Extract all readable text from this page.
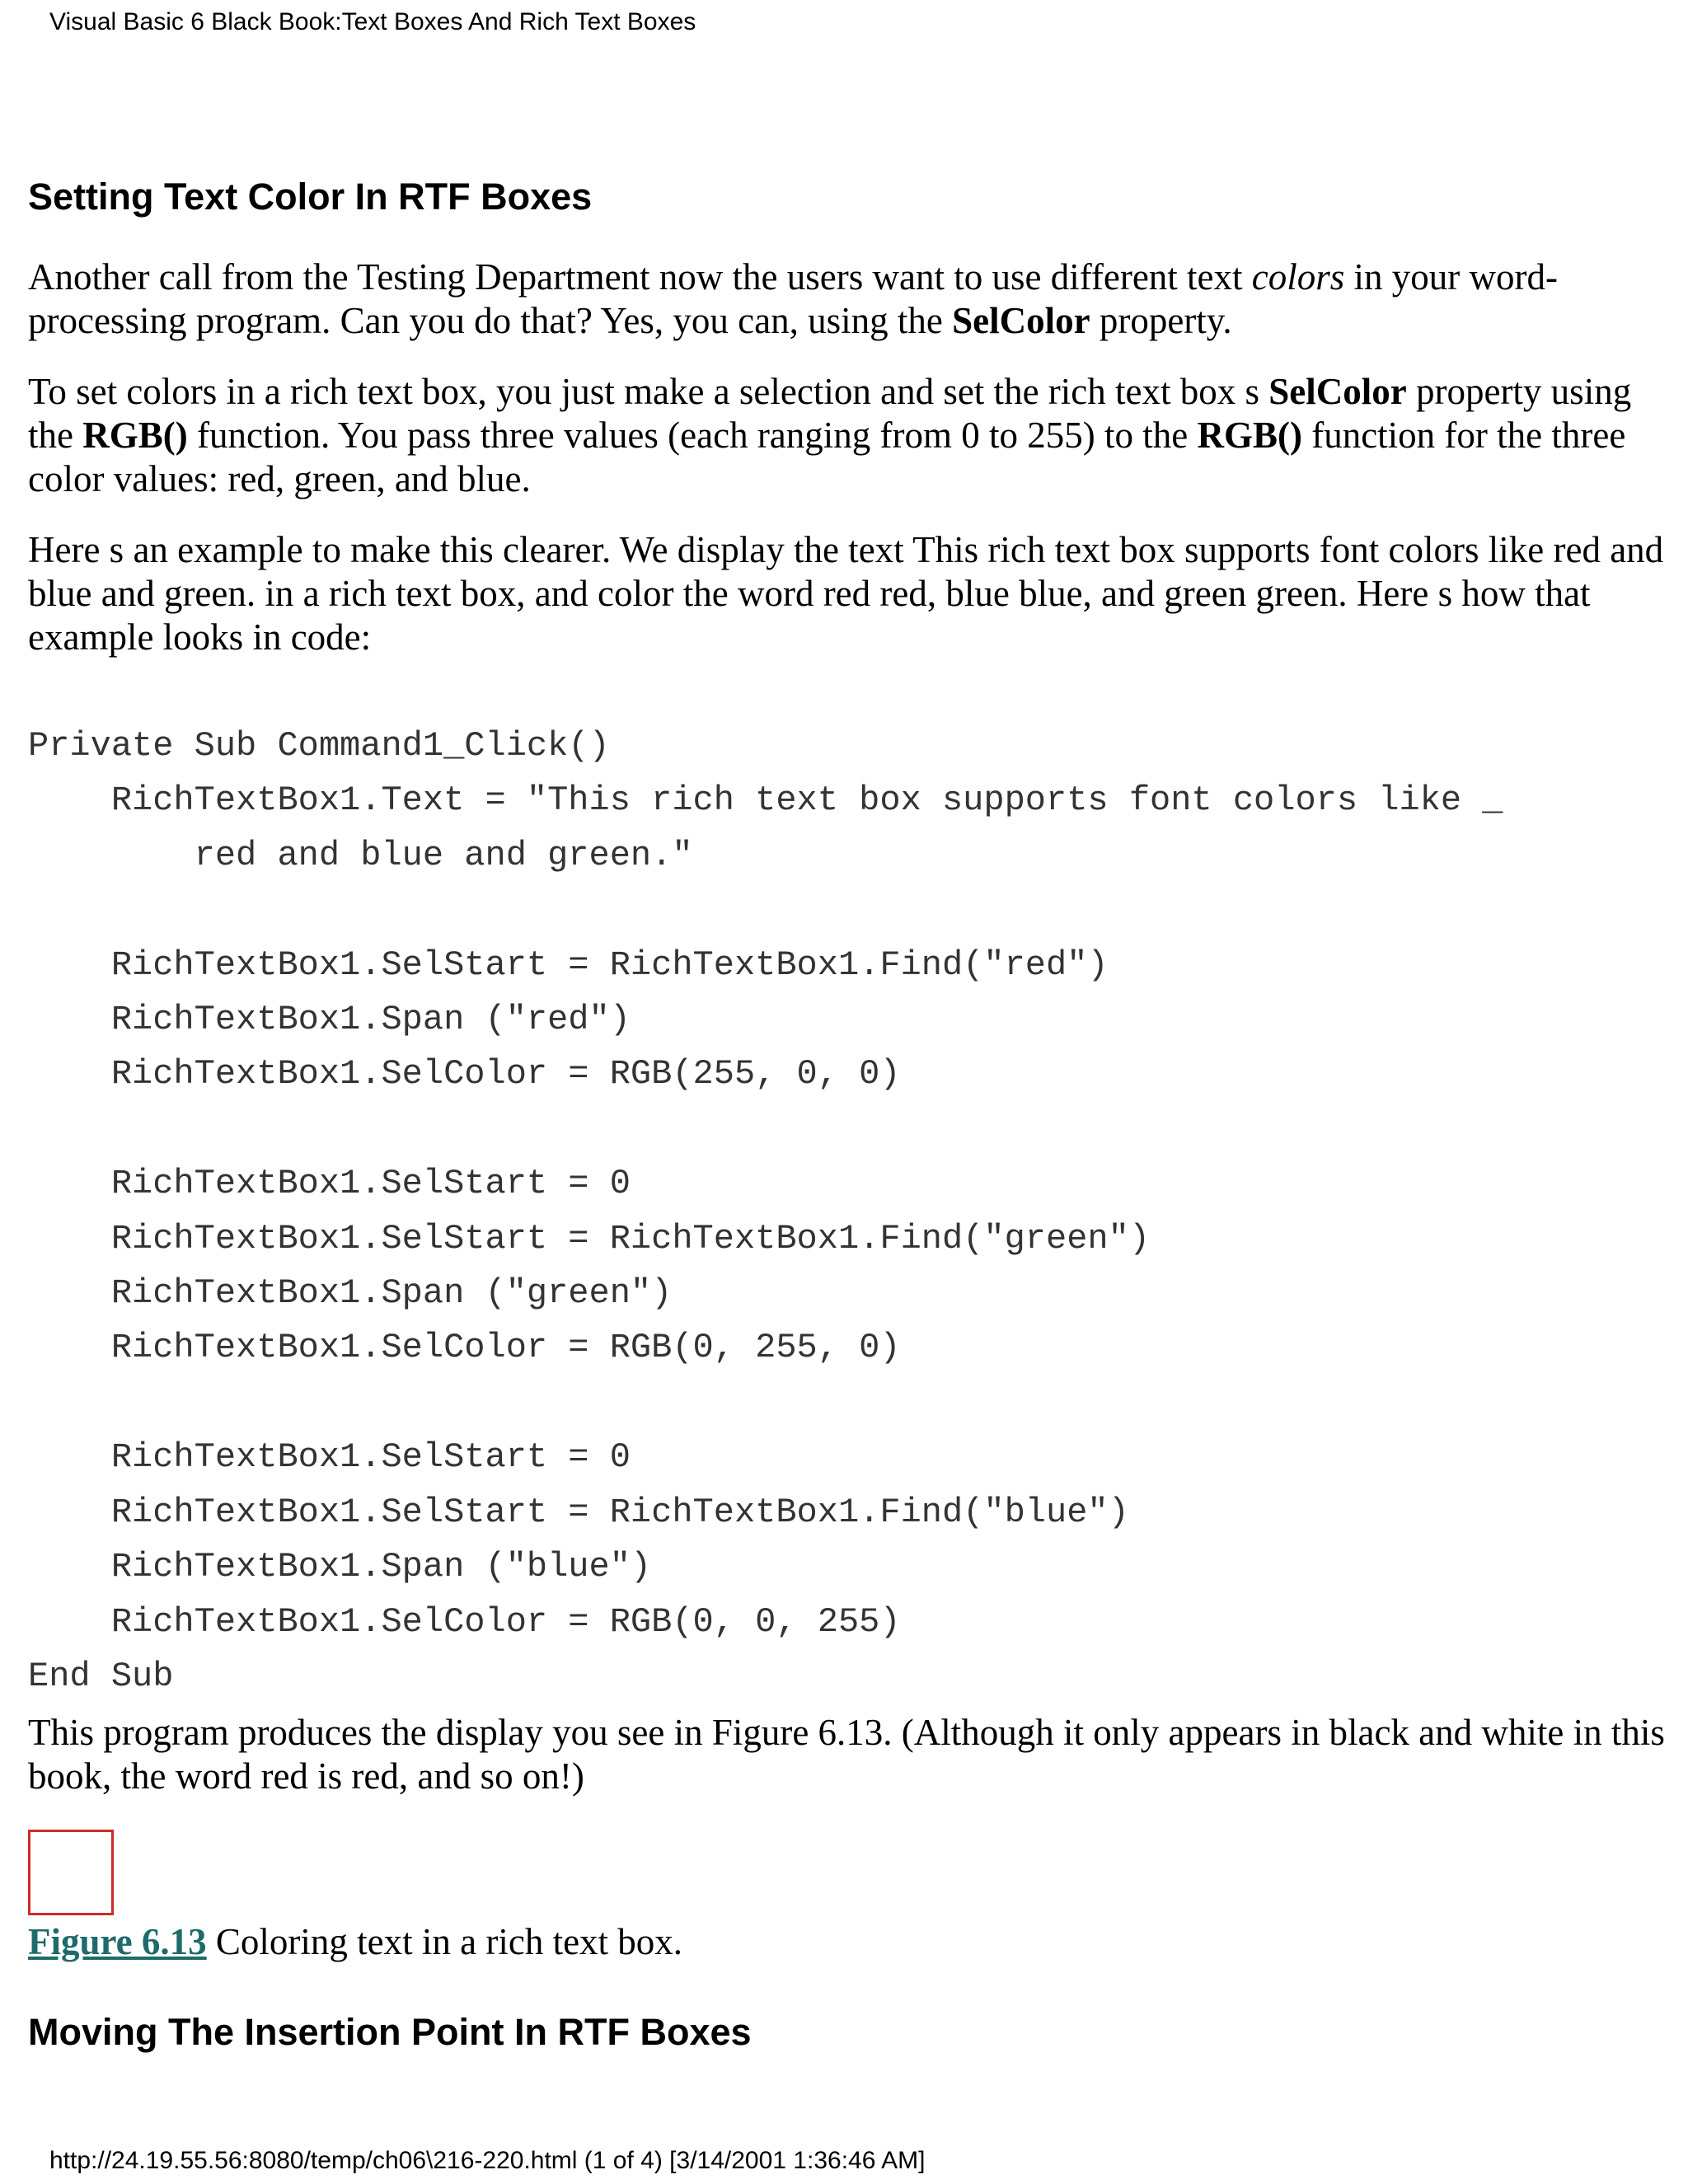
Visual Basic 6 Black Book:Text Boxes And Rich Text Boxes
Setting Text Color In RTF Boxes

Another call from the Testing Department now the users want to use different text colors in your word-processing program. Can you do that? Yes, you can, using the SelColor property.

To set colors in a rich text box, you just make a selection and set the rich text box s SelColor property using the RGB() function. You pass three values (each ranging from 0 to 255) to the RGB() function for the three color values: red, green, and blue.

Here s an example to make this clearer. We display the text This rich text box supports font colors like red and blue and green. in a rich text box, and color the word red red, blue blue, and green green. Here s how that example looks in code:

Private Sub Command1_Click()
RichTextBox1.Text = "This rich text box supports font colors like _
red and blue and green."

RichTextBox1.SelStart = RichTextBox1.Find("red")
RichTextBox1.Span ("red")
RichTextBox1.SelColor = RGB(255, 0, 0)

RichTextBox1.SelStart = 0
RichTextBox1.SelStart = RichTextBox1.Find("green")
RichTextBox1.Span ("green")
RichTextBox1.SelColor = RGB(0, 255, 0)

RichTextBox1.SelStart = 0
RichTextBox1.SelStart = RichTextBox1.Find("blue")
RichTextBox1.Span ("blue")
RichTextBox1.SelColor = RGB(0, 0, 255)
End Sub

This program produces the display you see in Figure 6.13. (Although it only appears in black and white in this book, the word red is red, and so on!)

Figure 6.13 Coloring text in a rich text box.

Moving The Insertion Point In RTF Boxes
http://24.19.55.56:8080/temp/ch06\216-220.html (1 of 4) [3/14/2001 1:36:46 AM]
